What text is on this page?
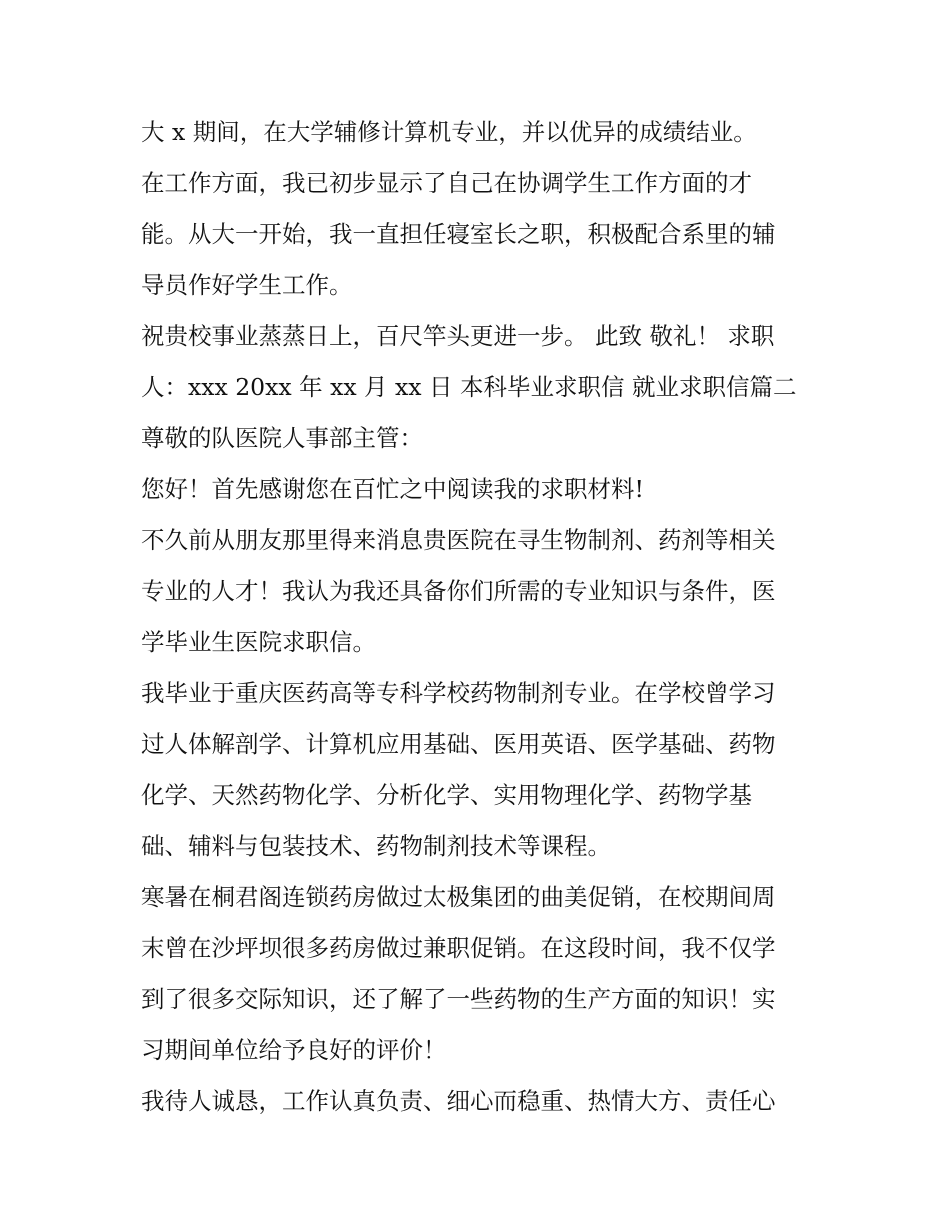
大 x 期间，在大学辅修计算机专业，并以优异的成绩结业。
在工作方面，我已初步显示了自己在协调学生工作方面的才
能。从大一开始，我一直担任寝室长之职，积极配合系里的辅
导员作好学生工作。
祝贵校事业蒸蒸日上，百尺竿头更进一步。 此致 敬礼！ 求职
人：xxx 20xx 年 xx 月 xx 日 本科毕业求职信 就业求职信篇二
尊敬的队医院人事部主管：
您好！首先感谢您在百忙之中阅读我的求职材料!
不久前从朋友那里得来消息贵医院在寻生物制剂、药剂等相关
专业的人才！我认为我还具备你们所需的专业知识与条件，医
学毕业生医院求职信。
我毕业于重庆医药高等专科学校药物制剂专业。在学校曾学习
过人体解剖学、计算机应用基础、医用英语、医学基础、药物
化学、天然药物化学、分析化学、实用物理化学、药物学基
础、辅料与包装技术、药物制剂技术等课程。
寒暑在桐君阁连锁药房做过太极集团的曲美促销，在校期间周
末曾在沙坪坝很多药房做过兼职促销。在这段时间，我不仅学
到了很多交际知识，还了解了一些药物的生产方面的知识！实
习期间单位给予良好的评价！
我待人诚恳，工作认真负责、细心而稳重、热情大方、责任心
